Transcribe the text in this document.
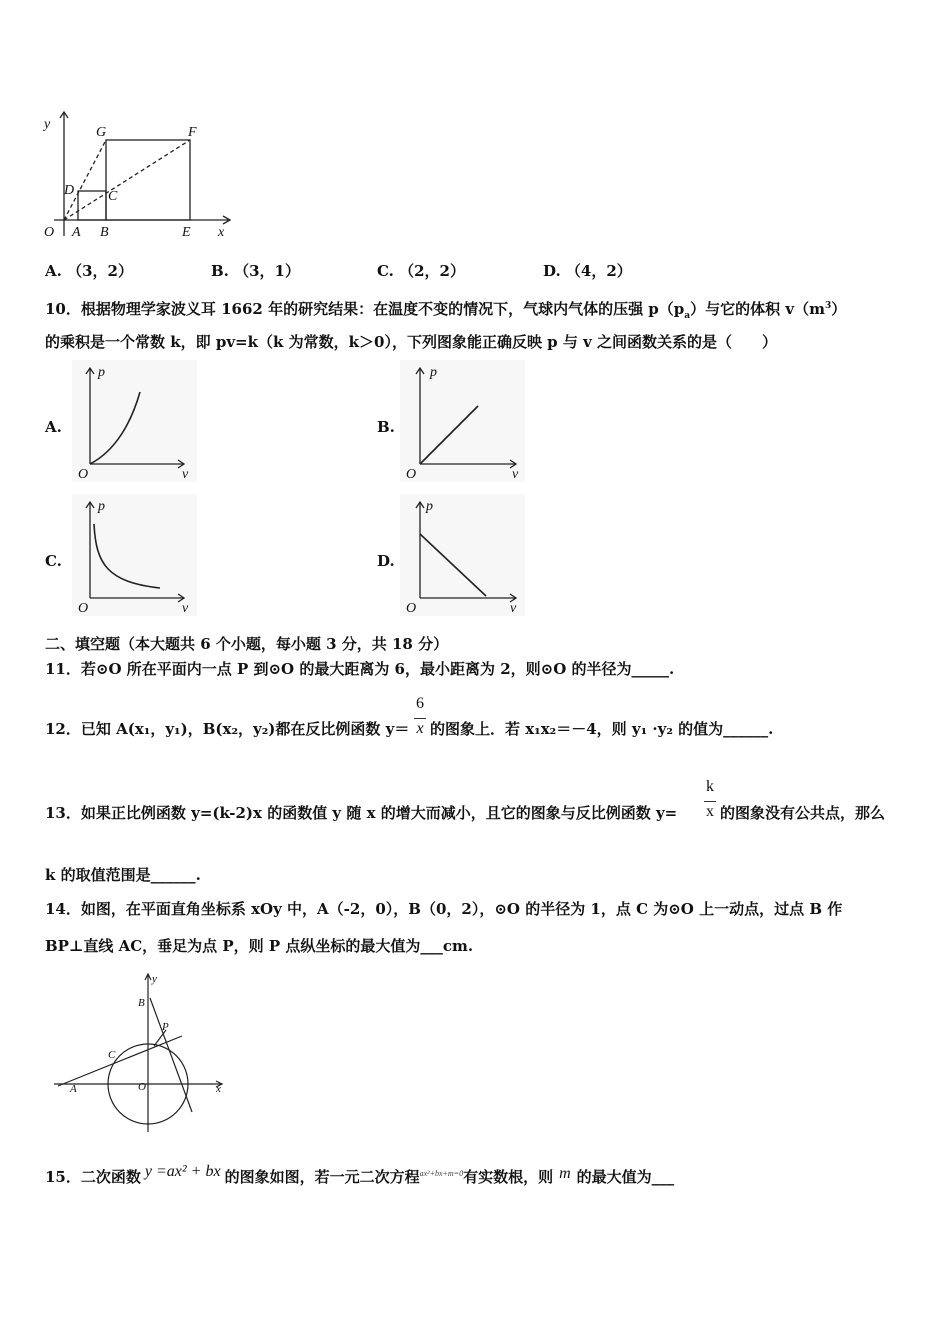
y
G	F
D C
O A B	E x
A. （3，2）	B. （3，1）	C. （2，2）	D. （4，2）
10．根据物理学家波义耳 1662 年的研究结果：在温度不变的情况下，气球内气体的压强 $p(p_a)$与它的体积 $v(m^3)$
的乘积是一个常数 k，即 pv=k（k 为常数，k＞0），下列图象能正确反映 p 与 v 之间函数关系的是（　　）
A.
p
O	v
B.
p
O	v
C.
p
O	v
D.
p
O	v
二、填空题（本大题共 6 个小题，每小题 3 分，共 18 分）
11．若⊙O 所在平面内一点 P 到⊙O 的最大距离为 6，最小距离为 2，则⊙O 的半径为_____.
12．已知 A(x₁，y₁)，B(x₂，y₂)都在反比例函数 y＝
6
x 的图象上．若 x₁x₂＝－4，则 y₁ ·y₂ 的值为______.
13．如果正比例函数 y=(k-2)x 的函数值 y 随 x 的增大而减小，且它的图象与反比例函数 y=
k
x 的图象没有公共点，那么
k 的取值范围是______.
14．如图，在平面直角坐标系 xOy 中，A（-2，0），B（0，2），⊙O 的半径为 1，点 C 为⊙O 上一动点，过点 B 作
BP⊥直线 AC，垂足为点 P，则 P 点纵坐标的最大值为___cm.
y
B
P
C
A	O	x
15．二次函数 y =ax² + bx 的图象如图，若一元二次方程$^{ax^2+bx+m=0}$有实数根，则 m 的最大值为___
